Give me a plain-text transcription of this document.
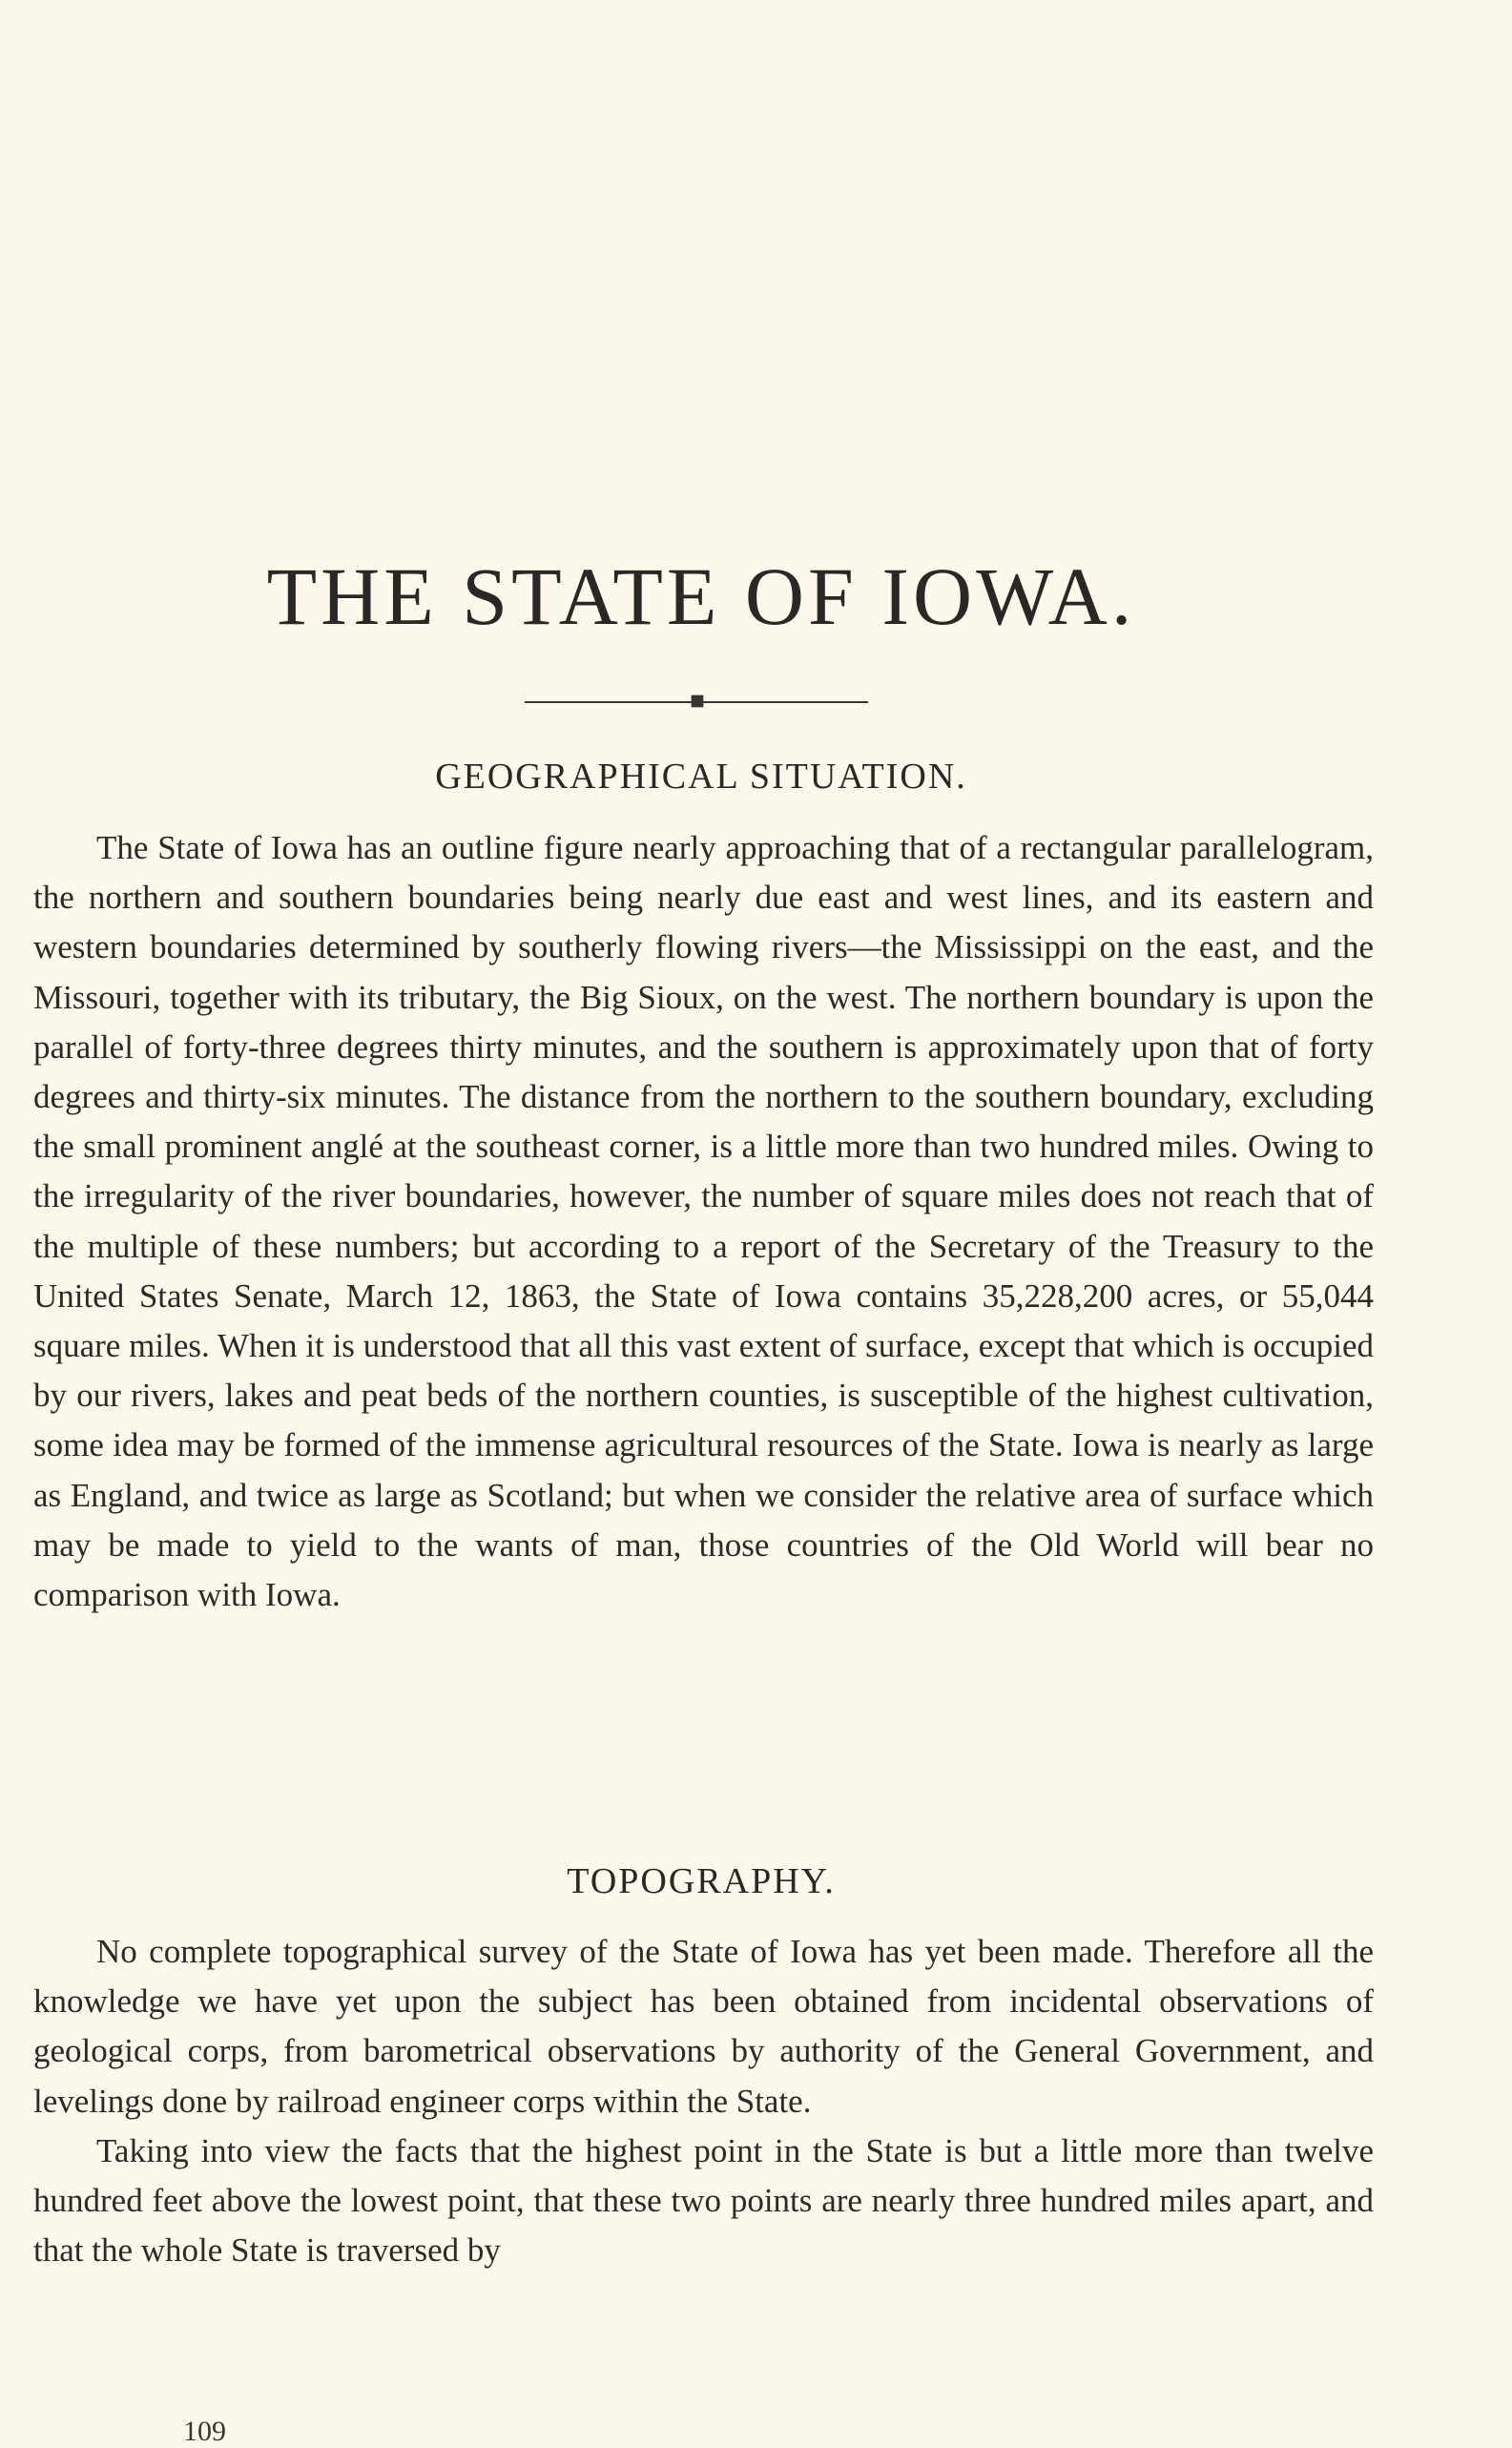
THE STATE OF IOWA.
GEOGRAPHICAL SITUATION.

The State of Iowa has an outline figure nearly approaching that of a rectangular parallelogram, the northern and southern boundaries being nearly due east and west lines, and its eastern and western boundaries determined by southerly flowing rivers—the Mississippi on the east, and the Missouri, together with its tributary, the Big Sioux, on the west. The northern boundary is upon the parallel of forty-three degrees thirty minutes, and the southern is approximately upon that of forty degrees and thirty-six minutes. The distance from the northern to the southern boundary, excluding the small prominent anglé at the southeast corner, is a little more than two hundred miles. Owing to the irregularity of the river boundaries, however, the number of square miles does not reach that of the multiple of these numbers; but according to a report of the Secretary of the Treasury to the United States Senate, March 12, 1863, the State of Iowa contains 35,228,200 acres, or 55,044 square miles. When it is understood that all this vast extent of surface, except that which is occupied by our rivers, lakes and peat beds of the northern counties, is susceptible of the highest cultivation, some idea may be formed of the immense agricultural resources of the State. Iowa is nearly as large as England, and twice as large as Scotland; but when we consider the relative area of surface which may be made to yield to the wants of man, those countries of the Old World will bear no comparison with Iowa.

TOPOGRAPHY.

No complete topographical survey of the State of Iowa has yet been made. Therefore all the knowledge we have yet upon the subject has been obtained from incidental observations of geological corps, from barometrical observations by authority of the General Government, and levelings done by railroad engineer corps within the State.

Taking into view the facts that the highest point in the State is but a little more than twelve hundred feet above the lowest point, that these two points are nearly three hundred miles apart, and that the whole State is traversed by

109
